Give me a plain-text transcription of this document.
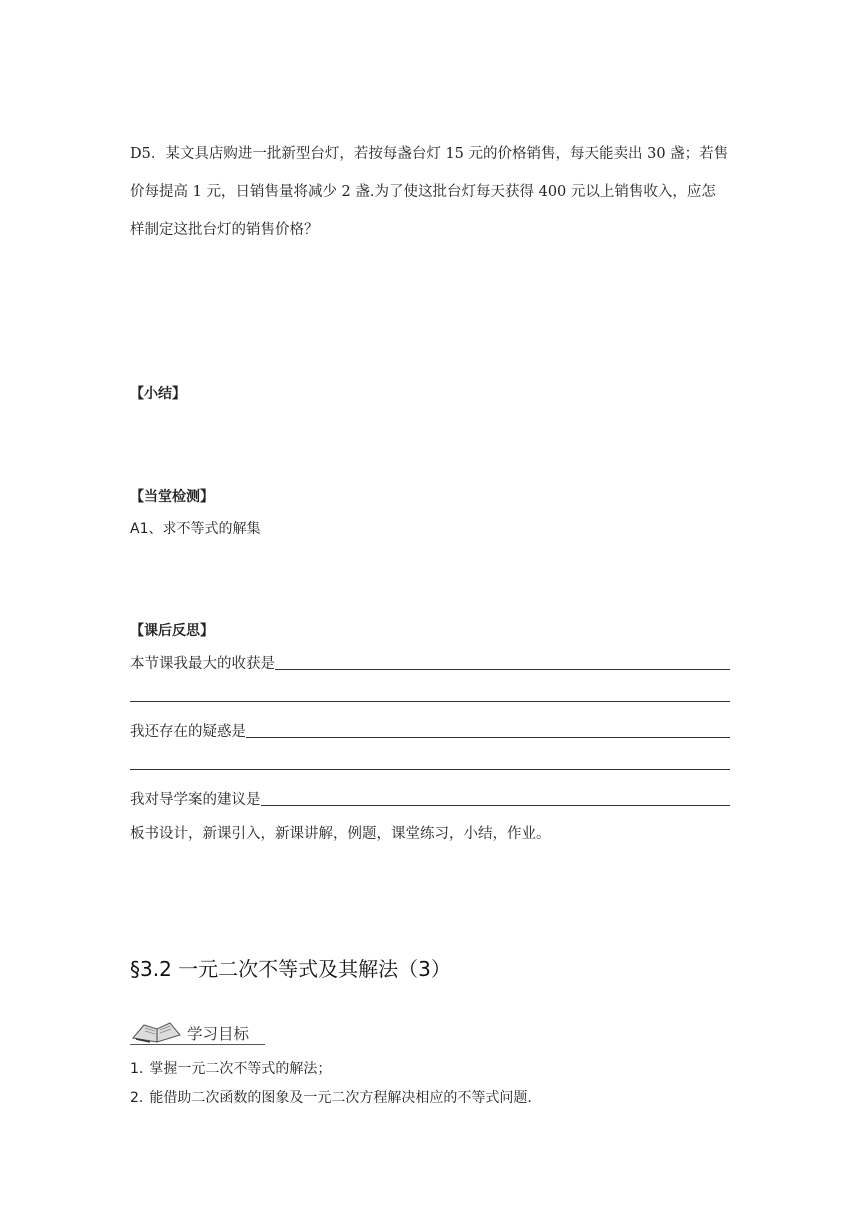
D5．某文具店购进一批新型台灯，若按每盏台灯 15 元的价格销售，每天能卖出 30 盏；若售
价每提高 1 元，日销售量将减少 2 盏.为了使这批台灯每天获得 400 元以上销售收入，应怎
样制定这批台灯的销售价格？
【小结】
【当堂检测】
A1、求不等式的解集
【课后反思】
本节课我最大的收获是
我还存在的疑惑是
我对导学案的建议是
板书设计，新课引入，新课讲解，例题，课堂练习，小结，作业。
§3.2 一元二次不等式及其解法（3）
学习目标
1. 掌握一元二次不等式的解法；
2. 能借助二次函数的图象及一元二次方程解决相应的不等式问题.
